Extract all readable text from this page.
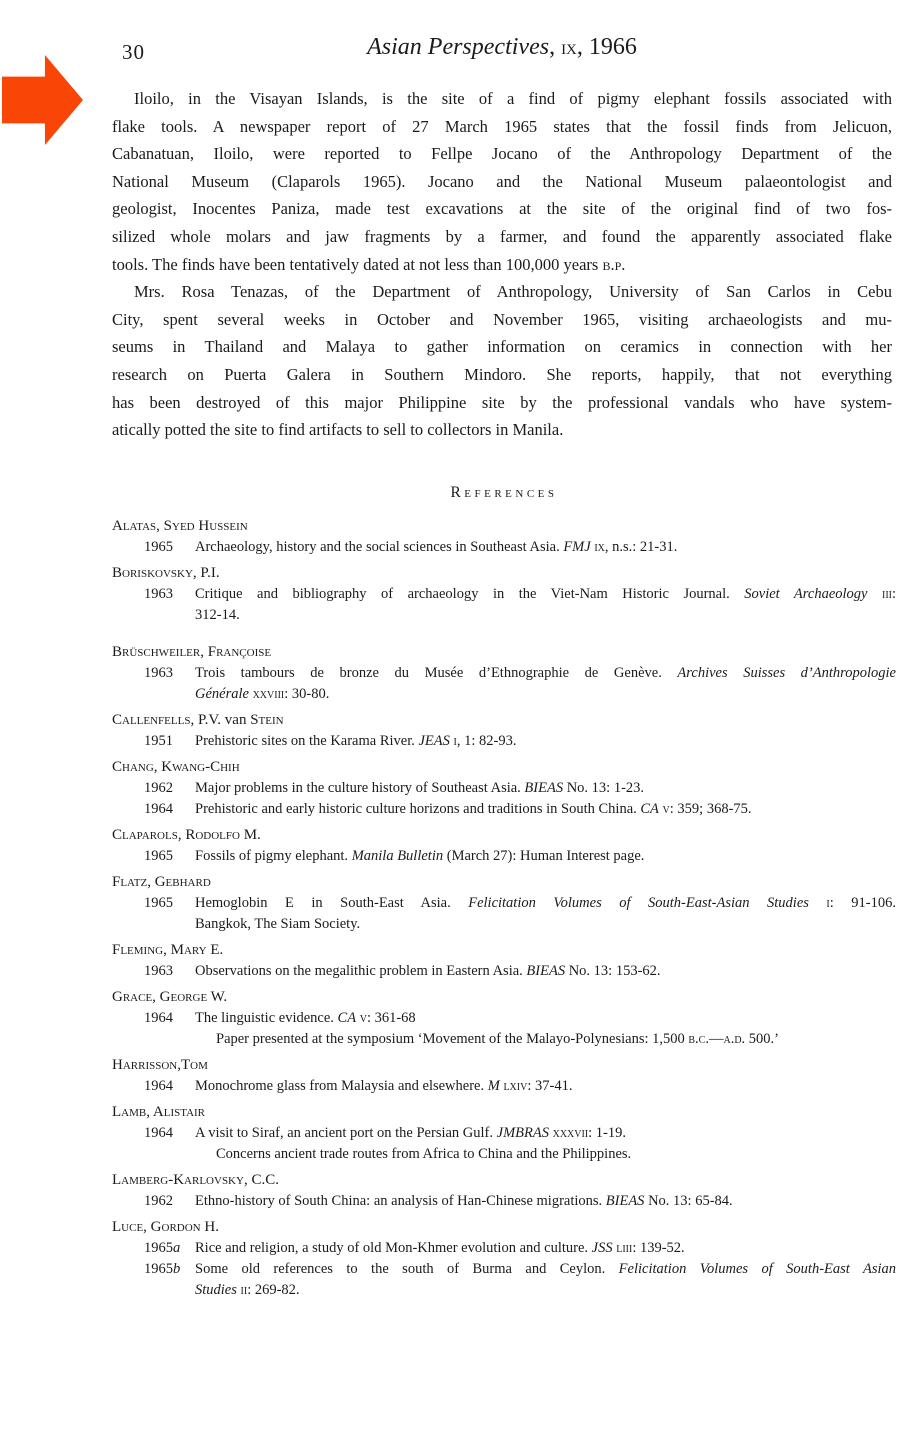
30	Asian Perspectives, ix, 1966
Iloilo, in the Visayan Islands, is the site of a find of pigmy elephant fossils associated with
flake tools. A newspaper report of 27 March 1965 states that the fossil finds from Jelicuon,
Cabanatuan, Iloilo, were reported to Fellpe Jocano of the Anthropology Department of the
National Museum (Claparols 1965). Jocano and the National Museum palaeontologist and
geologist, Inocentes Paniza, made test excavations at the site of the original find of two fos-
silized whole molars and jaw fragments by a farmer, and found the apparently associated flake
tools. The finds have been tentatively dated at not less than 100,000 years b.p.
Mrs. Rosa Tenazas, of the Department of Anthropology, University of San Carlos in Cebu
City, spent several weeks in October and November 1965, visiting archaeologists and mu-
seums in Thailand and Malaya to gather information on ceramics in connection with her
research on Puerta Galera in Southern Mindoro. She reports, happily, that not everything
has been destroyed of this major Philippine site by the professional vandals who have system-
atically potted the site to find artifacts to sell to collectors in Manila.
References
Alatas, Syed Hussein
1965	Archaeology, history and the social sciences in Southeast Asia. FMJ ix, n.s.: 21-31.
Boriskovsky, P.I.
1963	Critique and bibliography of archaeology in the Viet-Nam Historic Journal. Soviet Archaeology iii:
312-14.
Brüschweiler, Françoise
1963	Trois tambours de bronze du Musée d’Ethnographie de Genève. Archives Suisses d’Anthropologie
Générale xxviii: 30-80.
Callenfells, P.V. van Stein
1951	Prehistoric sites on the Karama River. JEAS i, 1: 82-93.
Chang, Kwang-Chih
1962	Major problems in the culture history of Southeast Asia. BIEAS No. 13: 1-23.
1964	Prehistoric and early historic culture horizons and traditions in South China. CA v: 359; 368-75.
Claparols, Rodolfo M.
1965	Fossils of pigmy elephant. Manila Bulletin (March 27): Human Interest page.
Flatz, Gebhard
1965	Hemoglobin E in South-East Asia. Felicitation Volumes of South-East-Asian Studies i: 91-106.
Bangkok, The Siam Society.
Fleming, Mary E.
1963	Observations on the megalithic problem in Eastern Asia. BIEAS No. 13: 153-62.
Grace, George W.
1964	The linguistic evidence. CA v: 361-68
Paper presented at the symposium ‘Movement of the Malayo-Polynesians: 1,500 b.c.—a.d. 500.’
Harrisson,Tom
1964	Monochrome glass from Malaysia and elsewhere. M lxiv: 37-41.
Lamb, Alistair
1964	A visit to Siraf, an ancient port on the Persian Gulf. JMBRAS xxxvii: 1-19.
Concerns ancient trade routes from Africa to China and the Philippines.
Lamberg-Karlovsky, C.C.
1962	Ethno-history of South China: an analysis of Han-Chinese migrations. BIEAS No. 13: 65-84.
Luce, Gordon H.
1965a	Rice and religion, a study of old Mon-Khmer evolution and culture. JSS liii: 139-52.
1965b	Some old references to the south of Burma and Ceylon. Felicitation Volumes of South-East Asian
Studies ii: 269-82.
